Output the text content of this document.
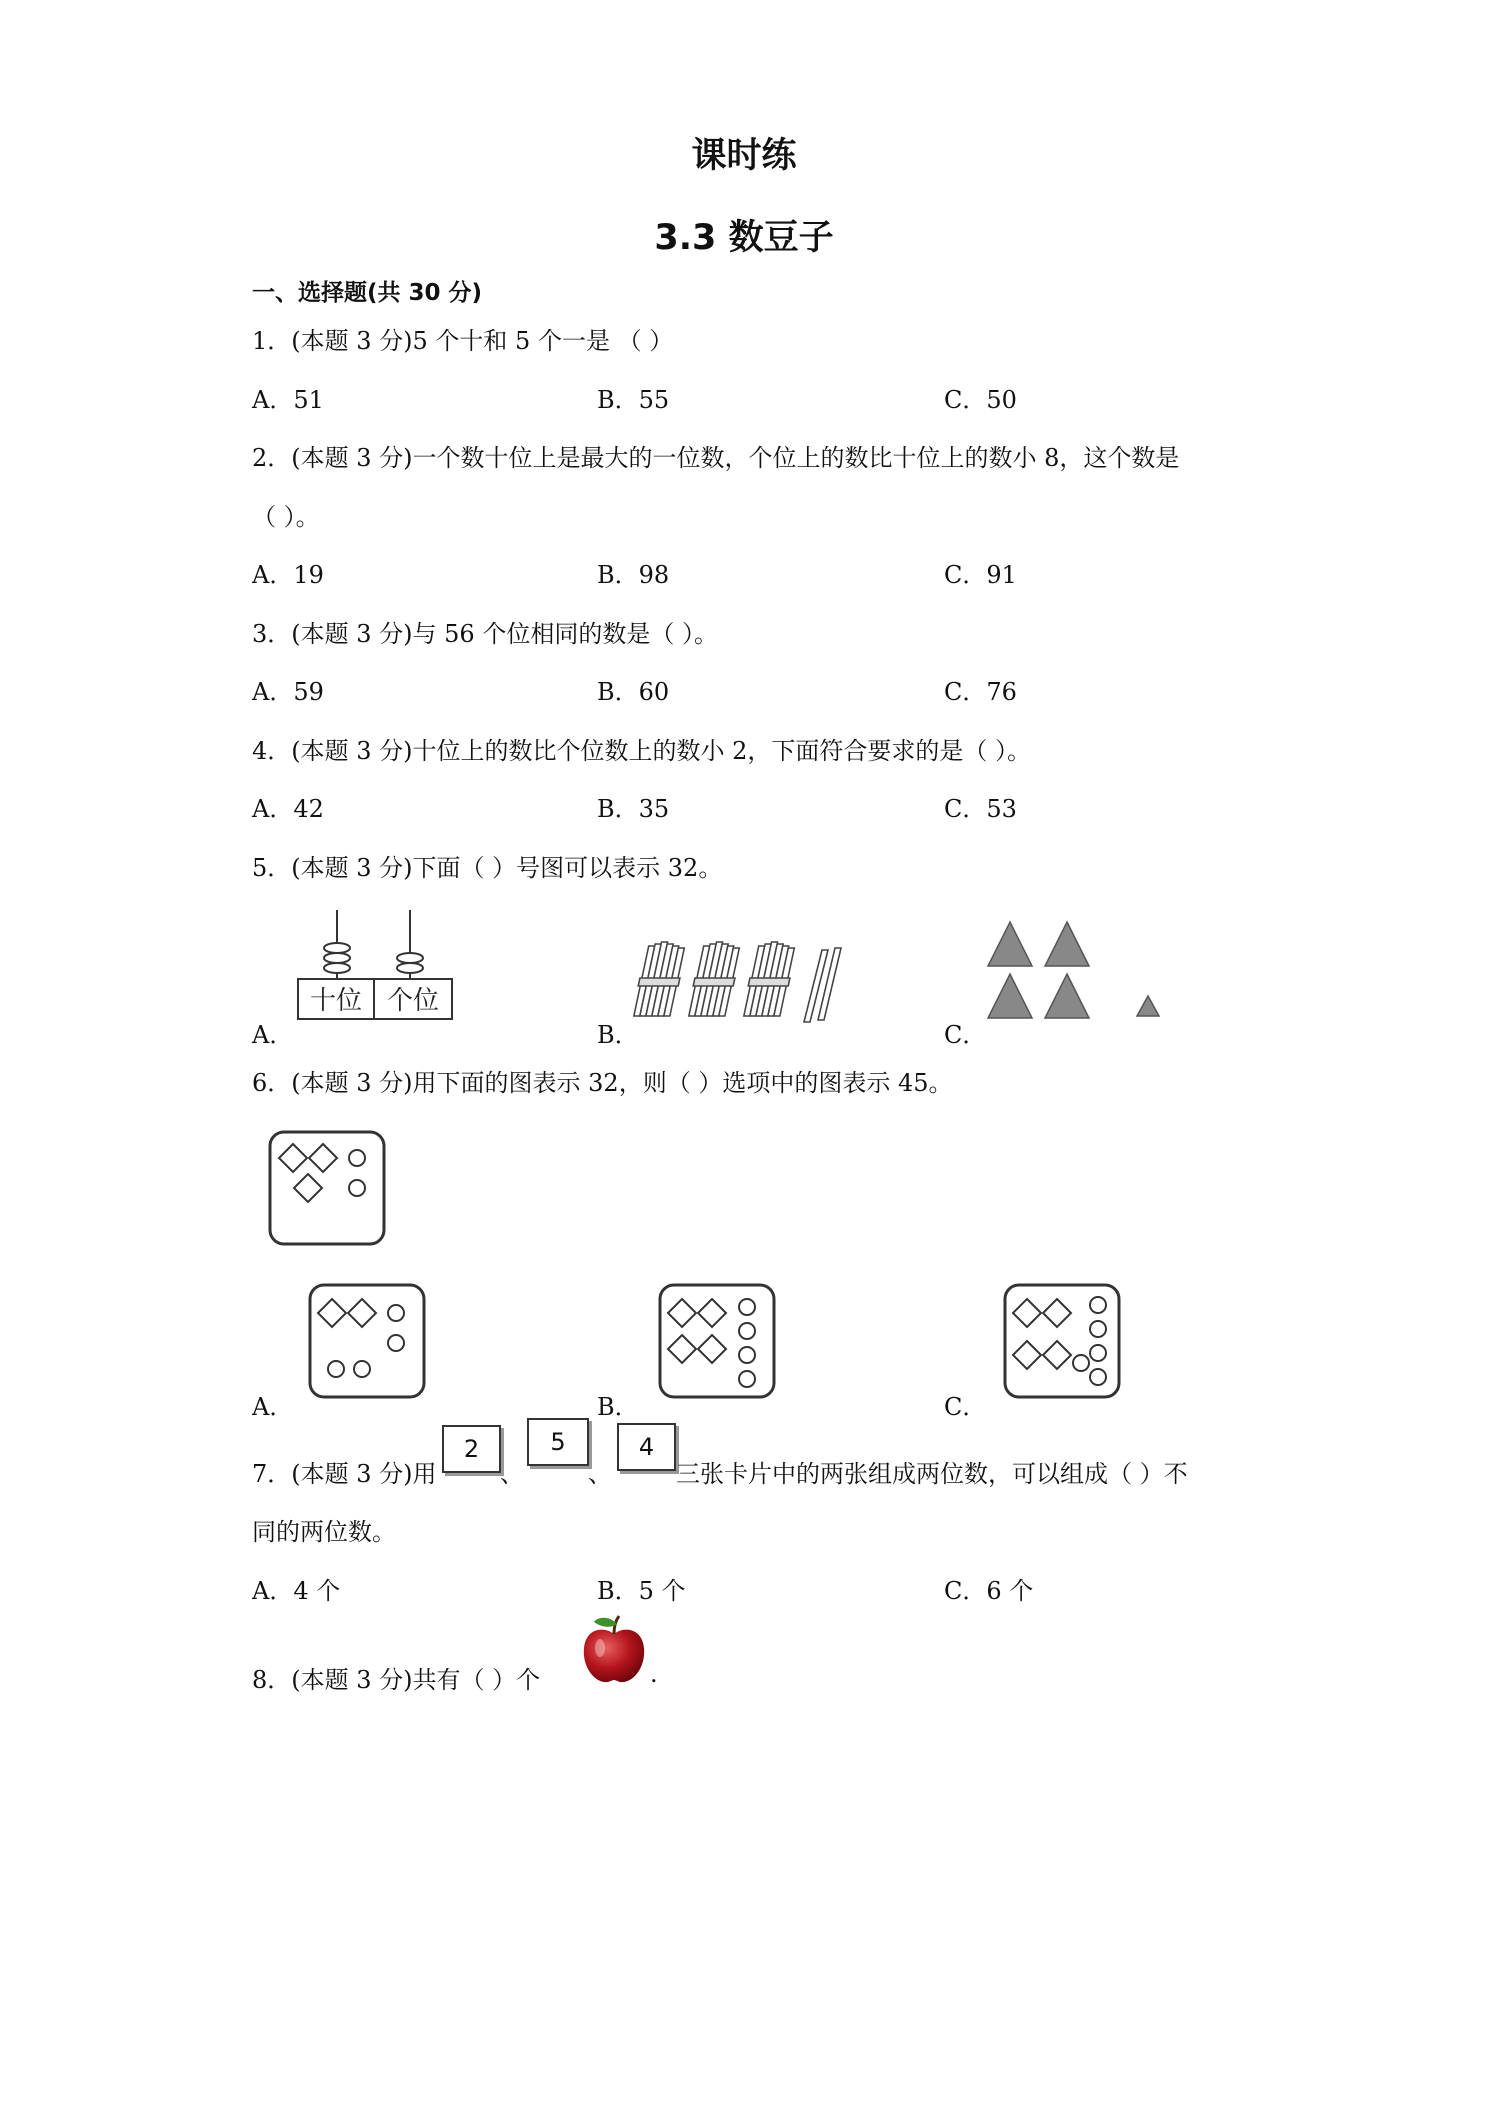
课时练
3.3 数豆子
一、选择题(共 30 分)
1．(本题 3 分)5 个十和 5 个一是 （ ）
A．51	B．55	C．50
2．(本题 3 分)一个数十位上是最大的一位数，个位上的数比十位上的数小 8，这个数是
（ ）。
A．19	B．98	C．91
3．(本题 3 分)与 56 个位相同的数是（ ）。
A．59	B．60	C．76
4．(本题 3 分)十位上的数比个位数上的数小 2，下面符合要求的是（ ）。
A．42	B．35	C．53
5．(本题 3 分)下面（ ）号图可以表示 32。
A．	B．	C．
十位 个位
6．(本题 3 分)用下面的图表示 32，则（ ）选项中的图表示 45。
A．	B．	C．
7．(本题 3 分)用
2
、
5
、
4
三张卡片中的两张组成两位数，可以组成（ ）不
同的两位数。
A．4 个	B．5 个	C．6 个
8．(本题 3 分)共有（ ）个	.
